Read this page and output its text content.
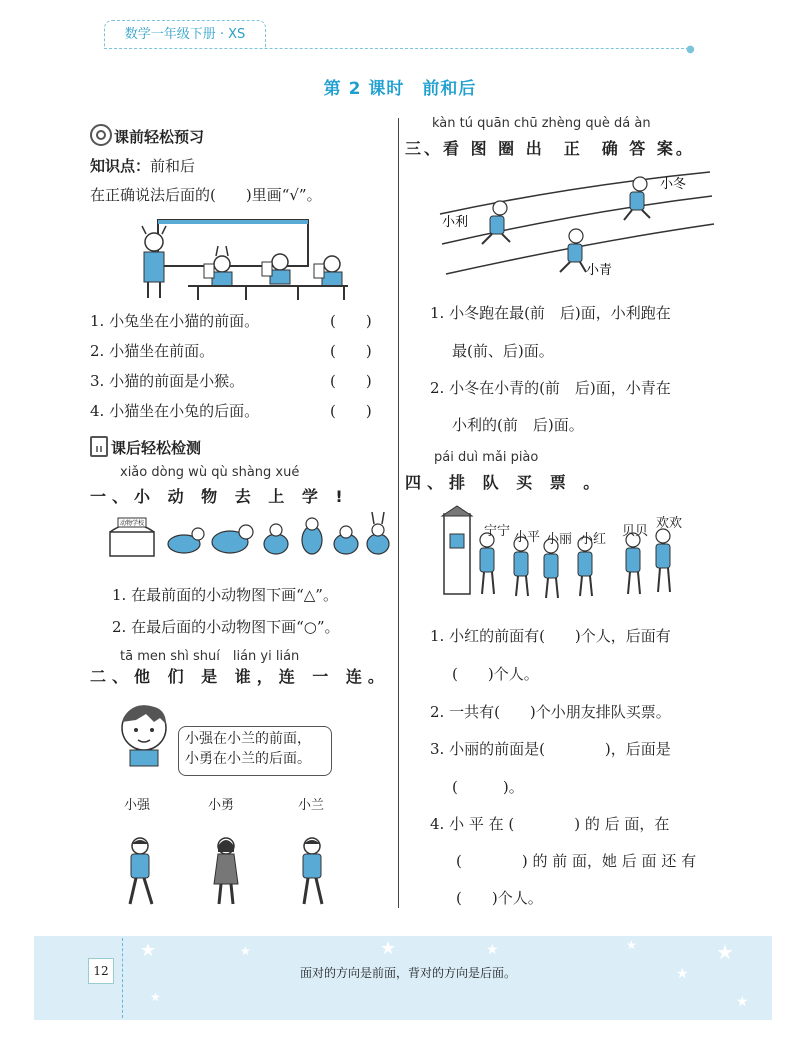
数学一年级下册 · XS
●
第 2 课时　前和后
课前轻松预习
知识点：前和后
在正确说法后面的(　　)里画“√”。
1. 小兔坐在小猫的前面。	(　　)
2. 小猫坐在前面。	(　　)
3. 小猫的前面是小猴。	(　　)
4. 小猫坐在小兔的后面。	(　　)
课后轻松检测
xiǎo dòng wù qù shàng xué
一、小 动 物 去 上 学 !
动物学校
1. 在最前面的小动物图下画“△”。
2. 在最后面的小动物图下画“○”。
tā men shì shuí　lián yi lián
二、他 们 是 谁，连 一 连。
小强在小兰的前面，
小勇在小兰的后面。
小强	小勇	小兰
kàn tú quān chū zhèng què dá àn
三、看 图 圈 出　正　确 答 案。
小利
小冬
小青
1. 小冬跑在最(前　后)面，小利跑在
最(前、后)面。
2. 小冬在小青的(前　后)面，小青在
小利的(前　后)面。
pái duì mǎi piào
四、排 队 买 票 。
宁宁 小平 小丽 小红
贝贝
欢欢
1. 小红的前面有(　　)个人，后面有
(　　)个人。
2. 一共有(　　)个小朋友排队买票。
3. 小丽的前面是(　　　　)，后面是
(　　　)。
4. 小 平 在 (　　　　) 的 后 面，在
(　　　　) 的 前 面，她 后 面 还 有
(　　)个人。
12
★	★	★	★	★	★
★
★	★
面对的方向是前面，背对的方向是后面。
